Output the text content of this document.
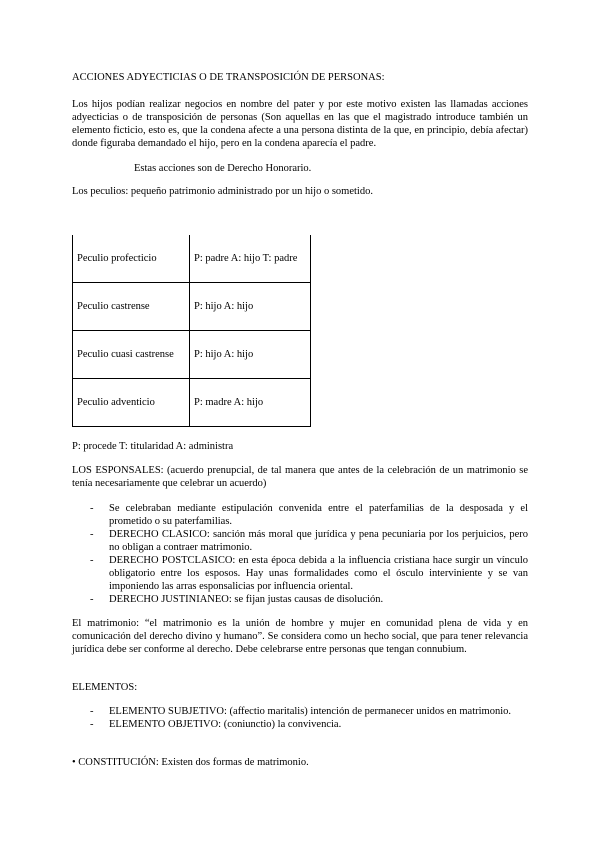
ACCIONES ADYECTICIAS O DE TRANSPOSICIÓN DE PERSONAS:

Los hijos podían realizar negocios en nombre del pater y por este motivo existen las llamadas acciones adyecticias o de transposición de personas (Son aquellas en las que el magistrado introduce también un elemento ficticio, esto es, que la condena afecte a una persona distinta de la que, en principio, debía afectar) donde figuraba demandado el hijo, pero en la condena aparecía el padre.

Estas acciones son de Derecho Honorario.

Los peculios: pequeño patrimonio administrado por un hijo o sometido.

Peculio profecticio	P: padre A: hijo T: padre
Peculio castrense	P: hijo A: hijo
Peculio cuasi castrense	P: hijo A: hijo
Peculio adventicio	P: madre A: hijo

P: procede T: titularidad A: administra

LOS ESPONSALES: (acuerdo prenupcial, de tal manera que antes de la celebración de un matrimonio se tenía necesariamente que celebrar un acuerdo)

- Se celebraban mediante estipulación convenida entre el paterfamilias de la desposada y el prometido o su paterfamilias.
- DERECHO CLASICO: sanción más moral que jurídica y pena pecuniaria por los perjuicios, pero no obligan a contraer matrimonio.
- DERECHO POSTCLASICO: en esta época debida a la influencia cristiana hace surgir un vínculo obligatorio entre los esposos. Hay unas formalidades como el ósculo interviniente y se van imponiendo las arras esponsalicias por influencia oriental.
- DERECHO JUSTINIANEO: se fijan justas causas de disolución.

El matrimonio: “el matrimonio es la unión de hombre y mujer en comunidad plena de vida y en comunicación del derecho divino y humano”. Se considera como un hecho social, que para tener relevancia jurídica debe ser conforme al derecho. Debe celebrarse entre personas que tengan connubium.

ELEMENTOS:

- ELEMENTO SUBJETIVO: (affectio maritalis) intención de permanecer unidos en matrimonio.
- ELEMENTO OBJETIVO: (coniunctio) la convivencia.

• CONSTITUCIÓN: Existen dos formas de matrimonio.
